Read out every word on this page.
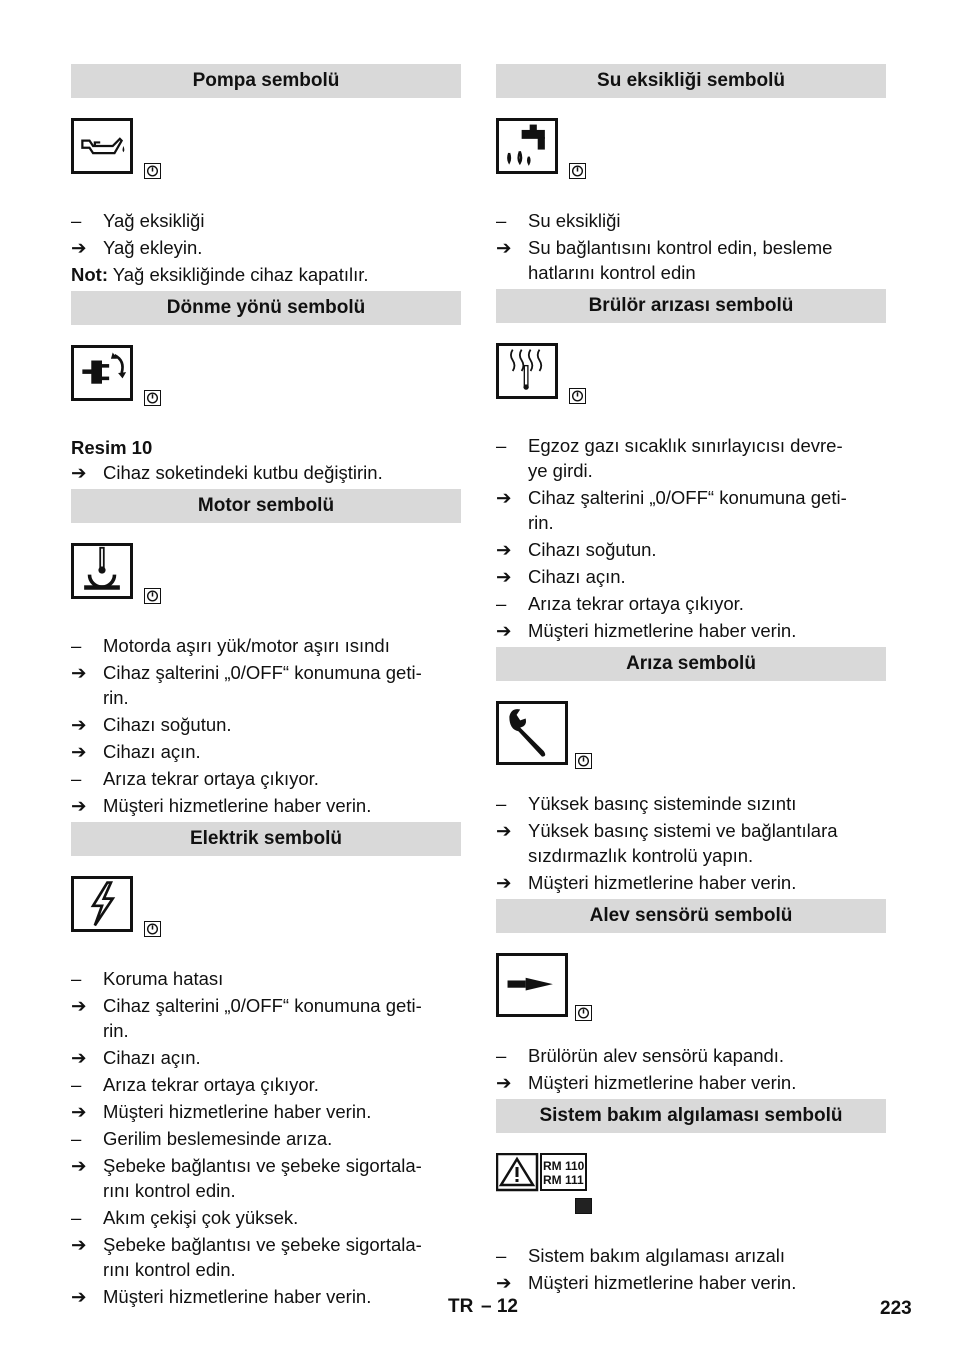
Pompa sembolü
–	Yağ eksikliği
➔ Yağ ekleyin.
Not: Yağ eksikliğinde cihaz kapatılır.
Dönme yönü sembolü
Resim 10
➔ Cihaz soketindeki kutbu değiştirin.
Motor sembolü
–	Motorda aşırı yük/motor aşırı ısındı
➔ Cihaz şalterini „0/OFF“ konumuna geti-
rin.
➔ Cihazı soğutun.
➔ Cihazı açın.
–	Arıza tekrar ortaya çıkıyor.
➔ Müşteri hizmetlerine haber verin.
Elektrik sembolü
–	Koruma hatası
➔ Cihaz şalterini „0/OFF“ konumuna geti-
rin.
➔ Cihazı açın.
–	Arıza tekrar ortaya çıkıyor.
➔ Müşteri hizmetlerine haber verin.
–	Gerilim beslemesinde arıza.
➔ Şebeke bağlantısı ve şebeke sigortala-
rını kontrol edin.
–	Akım çekişi çok yüksek.
➔ Şebeke bağlantısı ve şebeke sigortala-
rını kontrol edin.
➔ Müşteri hizmetlerine haber verin.
Su eksikliği sembolü
–	Su eksikliği
➔ Su bağlantısını kontrol edin, besleme
hatlarını kontrol edin
Brülör arızası sembolü
–	Egzoz gazı sıcaklık sınırlayıcısı devre-
ye girdi.
➔ Cihaz şalterini „0/OFF“ konumuna geti-
rin.
➔ Cihazı soğutun.
➔ Cihazı açın.
–	Arıza tekrar ortaya çıkıyor.
➔ Müşteri hizmetlerine haber verin.
Arıza sembolü
–	Yüksek basınç sisteminde sızıntı
➔ Yüksek basınç sistemi ve bağlantılara
sızdırmazlık kontrolü yapın.
➔ Müşteri hizmetlerine haber verin.
Alev sensörü sembolü
–	Brülörün alev sensörü kapandı.
➔ Müşteri hizmetlerine haber verin.
Sistem bakım algılaması sembolü
RM 110
RM 111
–	Sistem bakım algılaması arızalı
➔ Müşteri hizmetlerine haber verin.
TR – 12	223
